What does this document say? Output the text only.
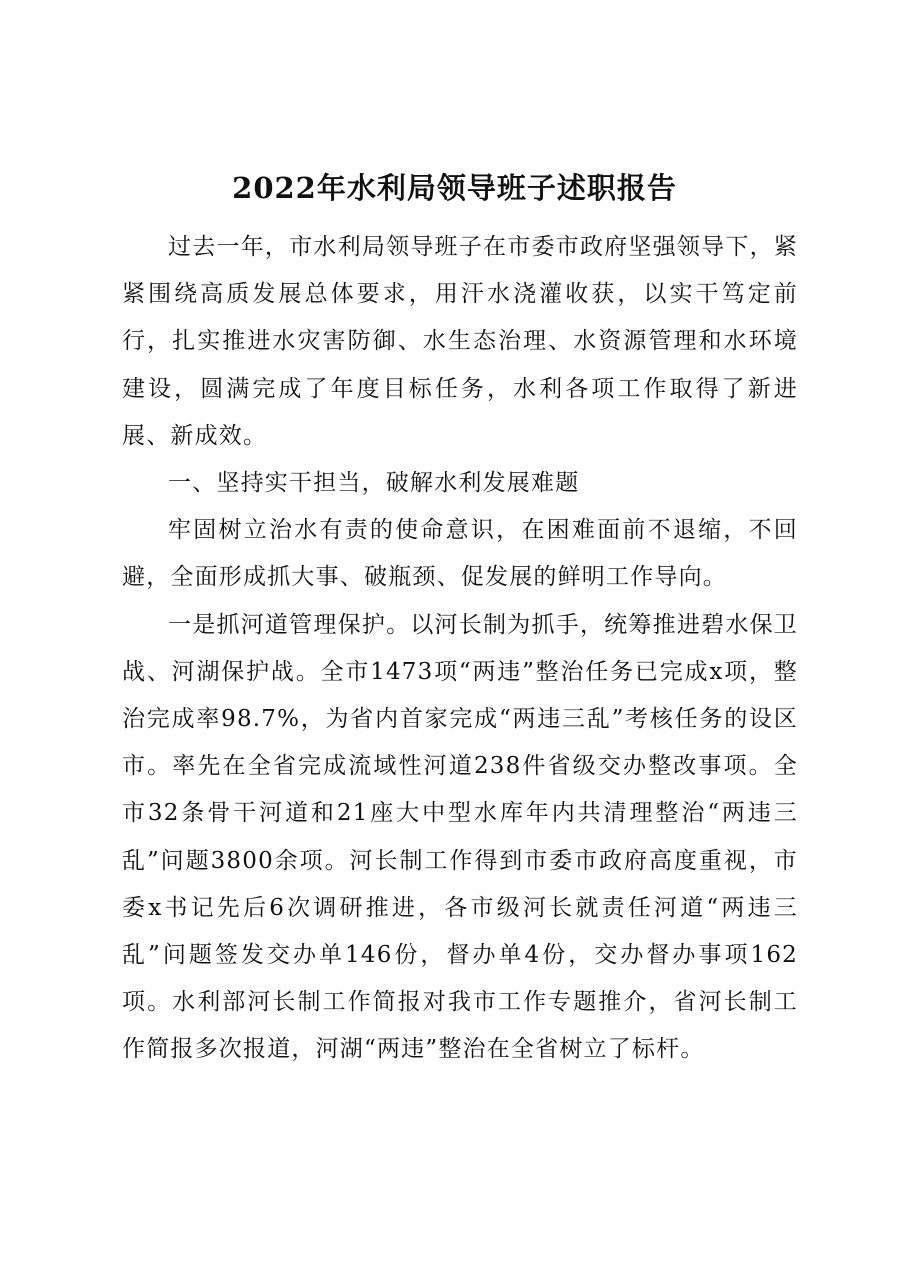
2022年水利局领导班子述职报告

过去一年，市水利局领导班子在市委市政府坚强领导下，紧紧围绕高质发展总体要求，用汗水浇灌收获，以实干笃定前行，扎实推进水灾害防御、水生态治理、水资源管理和水环境建设，圆满完成了年度目标任务，水利各项工作取得了新进展、新成效。

一、坚持实干担当，破解水利发展难题

牢固树立治水有责的使命意识，在困难面前不退缩，不回避，全面形成抓大事、破瓶颈、促发展的鲜明工作导向。

一是抓河道管理保护。以河长制为抓手，统筹推进碧水保卫战、河湖保护战。全市1473项“两违”整治任务已完成x项，整治完成率98.7%，为省内首家完成“两违三乱”考核任务的设区市。率先在全省完成流域性河道238件省级交办整改事项。全市32条骨干河道和21座大中型水库年内共清理整治“两违三乱”问题3800余项。河长制工作得到市委市政府高度重视，市委x书记先后6次调研推进，各市级河长就责任河道“两违三乱”问题签发交办单146份，督办单4份，交办督办事项162项。水利部河长制工作简报对我市工作专题推介，省河长制工作简报多次报道，河湖“两违”整治在全省树立了标杆。
